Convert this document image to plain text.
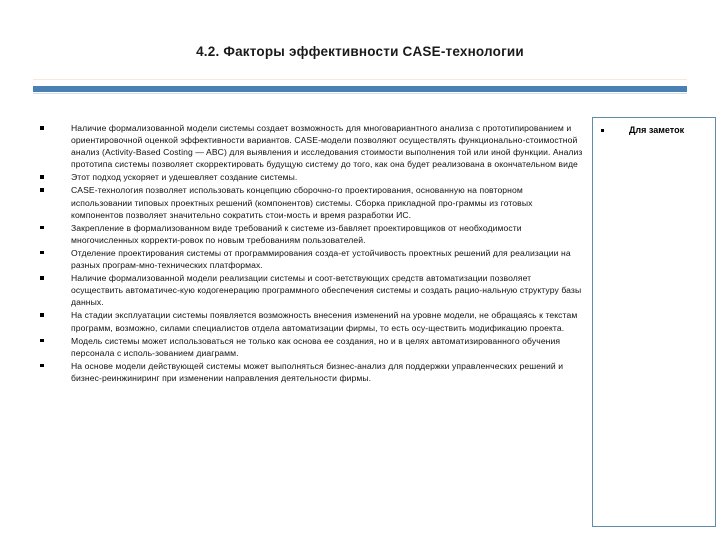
4.2. Факторы эффективности CASE-технологии
Наличие формализованной модели системы создает возможность для многовариантного анализа с прототипированием и ориентировочной оценкой эффективности вариантов. CASE-модели позволяют осуществлять функционально-стоимостной анализ (Activity-Based Costing — ABC) для выявления и исследования стоимости выполнения той или иной функции. Анализ прототипа системы позволяет скорректировать будущую систему до того, как она будет реализована в окончательном виде
Этот подход ускоряет и удешевляет создание системы.
CASE-технология позволяет использовать концепцию сборочно-го проектирования, основанную на повторном использовании типовых проектных решений (компонентов) системы. Сборка прикладной про-граммы из готовых компонентов позволяет значительно сократить стои-мость и время разработки ИС.
Закрепление в формализованном виде требований к системе из-бавляет проектировщиков от необходимости многочисленных корректи-ровок по новым требованиям пользователей.
Отделение проектирования системы от программирования созда-ет устойчивость проектных решений для реализации на разных програм-мно-технических платформах.
Наличие формализованной модели реализации системы и соот-ветствующих средств автоматизации позволяет осуществить автоматичес-кую кодогенерацию программного обеспечения системы и создать рацио-нальную структуру базы данных.
На стадии эксплуатации системы появляется возможность внесения изменений на уровне модели, не обращаясь к текстам программ, возможно, силами специалистов отдела автоматизации фирмы, то есть осу-ществить модификацию проекта.
Модель системы может использоваться не только как основа ее создания, но и в целях автоматизированного обучения персонала с исполь-зованием диаграмм.
На основе модели действующей системы может выполняться бизнес-анализ для поддержки управленческих решений и бизнес-реинжиниринг при изменении направления деятельности фирмы.
Для заметок
